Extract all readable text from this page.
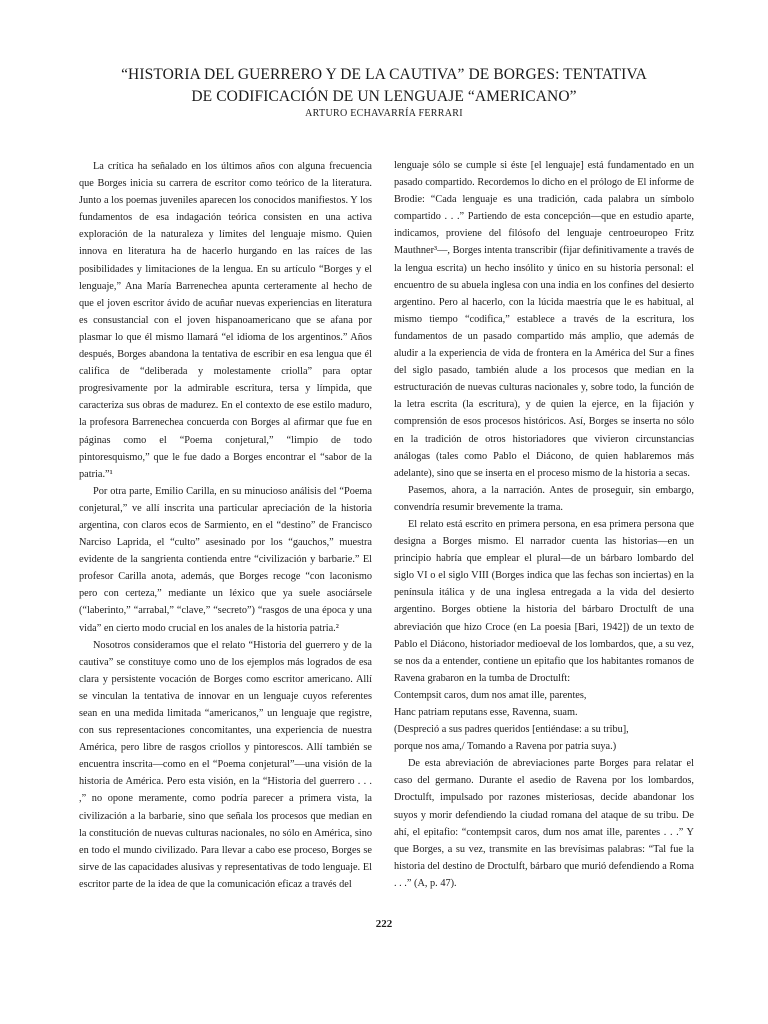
“HISTORIA DEL GUERRERO Y DE LA CAUTIVA” DE BORGES: TENTATIVA
DE CODIFICACIÓN DE UN LENGUAJE “AMERICANO”
ARTURO ECHAVARRÍA FERRARI

La crítica ha señalado en los últimos años con alguna frecuencia que Borges inicia su carrera de escritor como teórico de la literatura. Junto a los poemas juveniles aparecen los conocidos manifiestos. Y los fundamentos de esa indagación teórica consisten en una activa exploración de la naturaleza y límites del lenguaje mismo. Quien innova en literatura ha de hacerlo hurgando en las raíces de las posibilidades y limitaciones de la lengua. En su artículo “Borges y el lenguaje,” Ana María Barrenechea apunta certeramente al hecho de que el joven escritor ávido de acuñar nuevas experiencias en literatura es consustancial con el joven hispanoamericano que se afana por plasmar lo que él mismo llamará “el idioma de los argentinos.” Años después, Borges abandona la tentativa de escribir en esa lengua que él califica de “deliberada y molestamente criolla” para optar progresivamente por la admirable escritura, tersa y límpida, que caracteriza sus obras de madurez. En el contexto de ese estilo maduro, la profesora Barrenechea concuerda con Borges al afirmar que fue en páginas como el “Poema conjetural,” “limpio de todo pintoresquismo,” que le fue dado a Borges encontrar el “sabor de la patria.”¹

Por otra parte, Emilio Carilla, en su minucioso análisis del “Poema conjetural,” ve allí inscrita una particular apreciación de la historia argentina, con claros ecos de Sarmiento, en el “destino” de Francisco Narciso Laprida, el “culto” asesinado por los “gauchos,” muestra evidente de la sangrienta contienda entre “civilización y barbarie.” El profesor Carilla anota, además, que Borges recoge “con laconismo pero con certeza,” mediante un léxico que ya suele asociársele (“laberinto,” “arrabal,” “clave,” “secreto”) “rasgos de una época y una vida” en cierto modo crucial en los anales de la historia patria.²

Nosotros consideramos que el relato “Historia del guerrero y de la cautiva” se constituye como uno de los ejemplos más logrados de esa clara y persistente vocación de Borges como escritor americano. Allí se vinculan la tentativa de innovar en un lenguaje cuyos referentes sean en una medida limitada “americanos,” un lenguaje que registre, con sus representaciones concomitantes, una experiencia de nuestra América, pero libre de rasgos criollos y pintorescos. Allí también se encuentra inscrita—como en el “Poema conjetural”—una visión de la historia de América. Pero esta visión, en la “Historia del guerrero . . . ,” no opone meramente, como podría parecer a primera vista, la civilización a la barbarie, sino que señala los procesos que median en la constitución de nuevas culturas nacionales, no sólo en América, sino en todo el mundo civilizado. Para llevar a cabo ese proceso, Borges se sirve de las capacidades alusivas y representativas de todo lenguaje. El escritor parte de la idea de que la comunicación eficaz a través del

lenguaje sólo se cumple si éste [el lenguaje] está fundamentado en un pasado compartido. Recordemos lo dicho en el prólogo de El informe de Brodie: “Cada lenguaje es una tradición, cada palabra un símbolo compartido . . .” Partiendo de esta concepción—que en estudio aparte, indicamos, proviene del filósofo del lenguaje centroeuropeo Fritz Mauthner³—, Borges intenta transcribir (fijar definitivamente a través de la lengua escrita) un hecho insólito y único en su historia personal: el encuentro de su abuela inglesa con una india en los confines del desierto argentino. Pero al hacerlo, con la lúcida maestría que le es habitual, al mismo tiempo “codifica,” establece a través de la escritura, los fundamentos de un pasado compartido más amplio, que además de aludir a la experiencia de vida de frontera en la América del Sur a fines del siglo pasado, también alude a los procesos que median en la estructuración de nuevas culturas nacionales y, sobre todo, la función de la letra escrita (la escritura), y de quien la ejerce, en la fijación y comprensión de esos procesos históricos. Así, Borges se inserta no sólo en la tradición de otros historiadores que vivieron circunstancias análogas (tales como Pablo el Diácono, de quien hablaremos más adelante), sino que se inserta en el proceso mismo de la historia a secas.

Pasemos, ahora, a la narración. Antes de proseguir, sin embargo, convendría resumir brevemente la trama.

El relato está escrito en primera persona, en esa primera persona que designa a Borges mismo. El narrador cuenta las historias—en un principio habría que emplear el plural—de un bárbaro lombardo del siglo VI o el siglo VIII (Borges indica que las fechas son inciertas) en la península itálica y de una inglesa entregada a la vida del desierto argentino. Borges obtiene la historia del bárbaro Droctulft de una abreviación que hizo Croce (en La poesia [Bari, 1942]) de un texto de Pablo el Diácono, historiador medioeval de los lombardos, que, a su vez, se nos da a entender, contiene un epitafio que los habitantes romanos de Ravena grabaron en la tumba de Droctulft:

Contempsit caros, dum nos amat ille, parentes,

Hanc patriam reputans esse, Ravenna, suam.

(Despreció a sus padres queridos [entiéndase: a su tribu],

porque nos ama,/ Tomando a Ravena por patria suya.)

De esta abreviación de abreviaciones parte Borges para relatar el caso del germano. Durante el asedio de Ravena por los lombardos, Droctulft, impulsado por razones misteriosas, decide abandonar los suyos y morir defendiendo la ciudad romana del ataque de su tribu. De ahí, el epitafio: “contempsit caros, dum nos amat ille, parentes . . .” Y que Borges, a su vez, transmite en las brevísimas palabras: “Tal fue la historia del destino de Droctulft, bárbaro que murió defendiendo a Roma . . .” (A, p. 47).

222
